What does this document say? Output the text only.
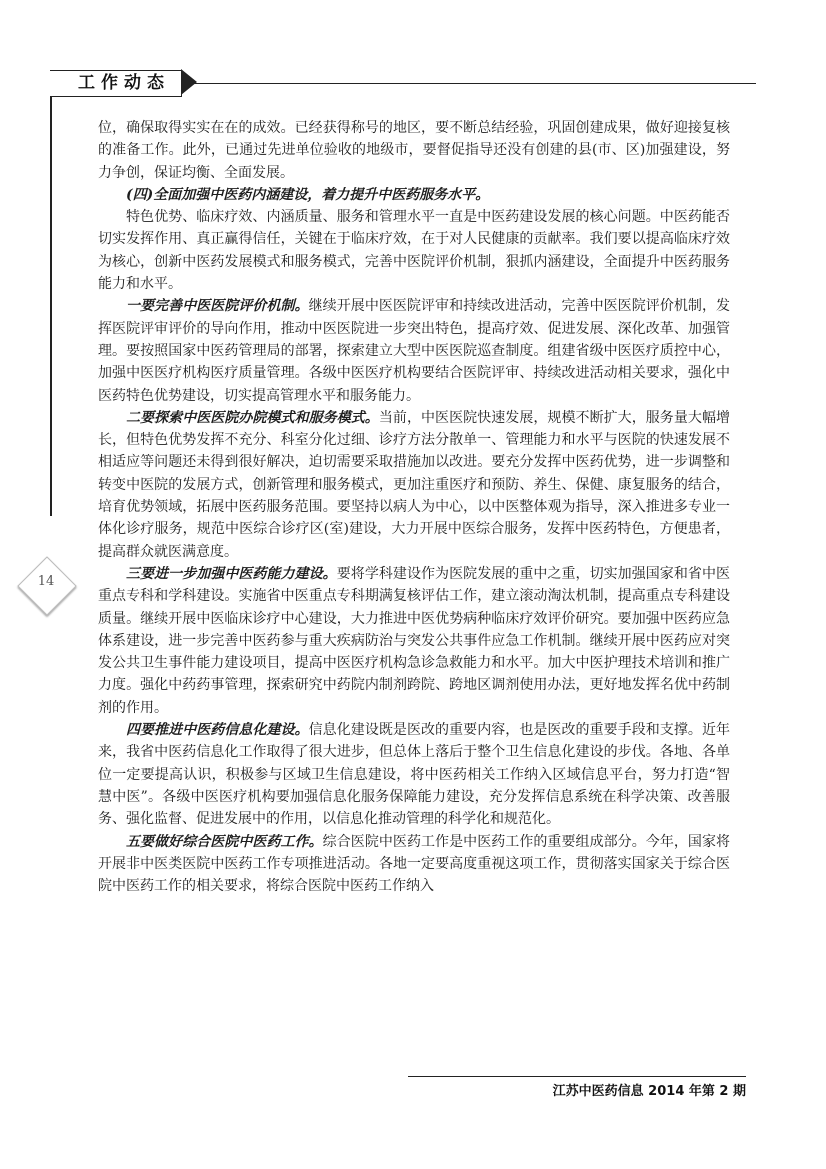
工作动态
14

位，确保取得实实在在的成效。已经获得称号的地区，要不断总结经验，巩固创建成果，做好迎接复核的准备工作。此外，已通过先进单位验收的地级市，要督促指导还没有创建的县(市、区)加强建设，努力争创，保证均衡、全面发展。

(四)全面加强中医药内涵建设，着力提升中医药服务水平。

特色优势、临床疗效、内涵质量、服务和管理水平一直是中医药建设发展的核心问题。中医药能否切实发挥作用、真正赢得信任，关键在于临床疗效，在于对人民健康的贡献率。我们要以提高临床疗效为核心，创新中医药发展模式和服务模式，完善中医院评价机制，狠抓内涵建设，全面提升中医药服务能力和水平。

一要完善中医医院评价机制。继续开展中医医院评审和持续改进活动，完善中医医院评价机制，发挥医院评审评价的导向作用，推动中医医院进一步突出特色，提高疗效、促进发展、深化改革、加强管理。要按照国家中医药管理局的部署，探索建立大型中医医院巡查制度。组建省级中医医疗质控中心，加强中医医疗机构医疗质量管理。各级中医医疗机构要结合医院评审、持续改进活动相关要求，强化中医药特色优势建设，切实提高管理水平和服务能力。

二要探索中医医院办院模式和服务模式。当前，中医医院快速发展，规模不断扩大，服务量大幅增长，但特色优势发挥不充分、科室分化过细、诊疗方法分散单一、管理能力和水平与医院的快速发展不相适应等问题还未得到很好解决，迫切需要采取措施加以改进。要充分发挥中医药优势，进一步调整和转变中医院的发展方式，创新管理和服务模式，更加注重医疗和预防、养生、保健、康复服务的结合，培育优势领域，拓展中医药服务范围。要坚持以病人为中心，以中医整体观为指导，深入推进多专业一体化诊疗服务，规范中医综合诊疗区(室)建设，大力开展中医综合服务，发挥中医药特色，方便患者，提高群众就医满意度。

三要进一步加强中医药能力建设。要将学科建设作为医院发展的重中之重，切实加强国家和省中医重点专科和学科建设。实施省中医重点专科期满复核评估工作，建立滚动淘汰机制，提高重点专科建设质量。继续开展中医临床诊疗中心建设，大力推进中医优势病种临床疗效评价研究。要加强中医药应急体系建设，进一步完善中医药参与重大疾病防治与突发公共事件应急工作机制。继续开展中医药应对突发公共卫生事件能力建设项目，提高中医医疗机构急诊急救能力和水平。加大中医护理技术培训和推广力度。强化中药药事管理，探索研究中药院内制剂跨院、跨地区调剂使用办法，更好地发挥名优中药制剂的作用。

四要推进中医药信息化建设。信息化建设既是医改的重要内容，也是医改的重要手段和支撑。近年来，我省中医药信息化工作取得了很大进步，但总体上落后于整个卫生信息化建设的步伐。各地、各单位一定要提高认识，积极参与区域卫生信息建设，将中医药相关工作纳入区域信息平台，努力打造“智慧中医”。各级中医医疗机构要加强信息化服务保障能力建设，充分发挥信息系统在科学决策、改善服务、强化监督、促进发展中的作用，以信息化推动管理的科学化和规范化。

五要做好综合医院中医药工作。综合医院中医药工作是中医药工作的重要组成部分。今年，国家将开展非中医类医院中医药工作专项推进活动。各地一定要高度重视这项工作，贯彻落实国家关于综合医院中医药工作的相关要求，将综合医院中医药工作纳入

江苏中医药信息 2014 年第 2 期
